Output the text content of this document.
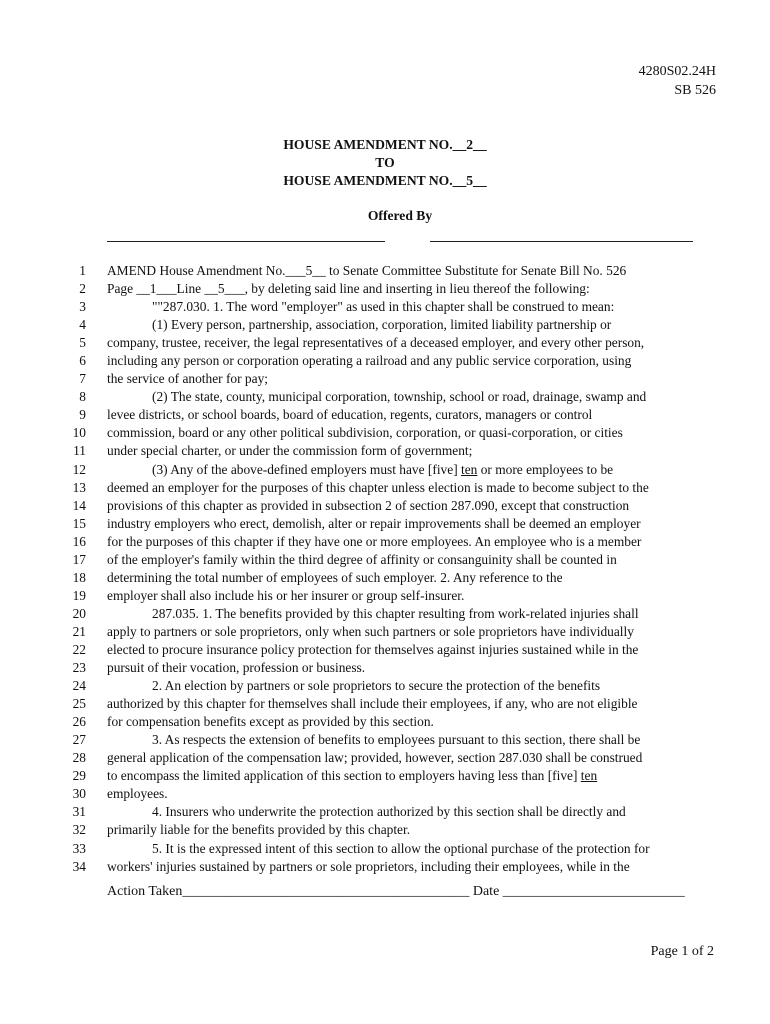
4280S02.24H
SB 526
HOUSE AMENDMENT NO.__2__
TO
HOUSE AMENDMENT NO.__5__
Offered By
1 AMEND House Amendment No.___5__ to Senate Committee Substitute for Senate Bill No. 526
2 Page __1___Line __5___, by deleting said line and inserting in lieu thereof the following:
3	""287.030. 1. The word "employer" as used in this chapter shall be construed to mean:
4	(1) Every person, partnership, association, corporation, limited liability partnership or
5 company, trustee, receiver, the legal representatives of a deceased employer, and every other person,
6 including any person or corporation operating a railroad and any public service corporation, using
7 the service of another for pay;
8	(2) The state, county, municipal corporation, township, school or road, drainage, swamp and
9 levee districts, or school boards, board of education, regents, curators, managers or control
10 commission, board or any other political subdivision, corporation, or quasi-corporation, or cities
11 under special charter, or under the commission form of government;
12	(3) Any of the above-defined employers must have [five] ten or more employees to be
13 deemed an employer for the purposes of this chapter unless election is made to become subject to the
14 provisions of this chapter as provided in subsection 2 of section 287.090, except that construction
15 industry employers who erect, demolish, alter or repair improvements shall be deemed an employer
16 for the purposes of this chapter if they have one or more employees. An employee who is a member
17 of the employer's family within the third degree of affinity or consanguinity shall be counted in
18 determining the total number of employees of such employer. 2. Any reference to the
19 employer shall also include his or her insurer or group self-insurer.
20	287.035. 1. The benefits provided by this chapter resulting from work-related injuries shall
21 apply to partners or sole proprietors, only when such partners or sole proprietors have individually
22 elected to procure insurance policy protection for themselves against injuries sustained while in the
23 pursuit of their vocation, profession or business.
24	2. An election by partners or sole proprietors to secure the protection of the benefits
25 authorized by this chapter for themselves shall include their employees, if any, who are not eligible
26 for compensation benefits except as provided by this section.
27	3. As respects the extension of benefits to employees pursuant to this section, there shall be
28 general application of the compensation law; provided, however, section 287.030 shall be construed
29 to encompass the limited application of this section to employers having less than [five] ten
30 employees.
31	4. Insurers who underwrite the protection authorized by this section shall be directly and
32 primarily liable for the benefits provided by this chapter.
33	5. It is the expressed intent of this section to allow the optional purchase of the protection for
34 workers' injuries sustained by partners or sole proprietors, including their employees, while in the
Action Taken_________________________________________ Date __________________________
Page 1 of 2
